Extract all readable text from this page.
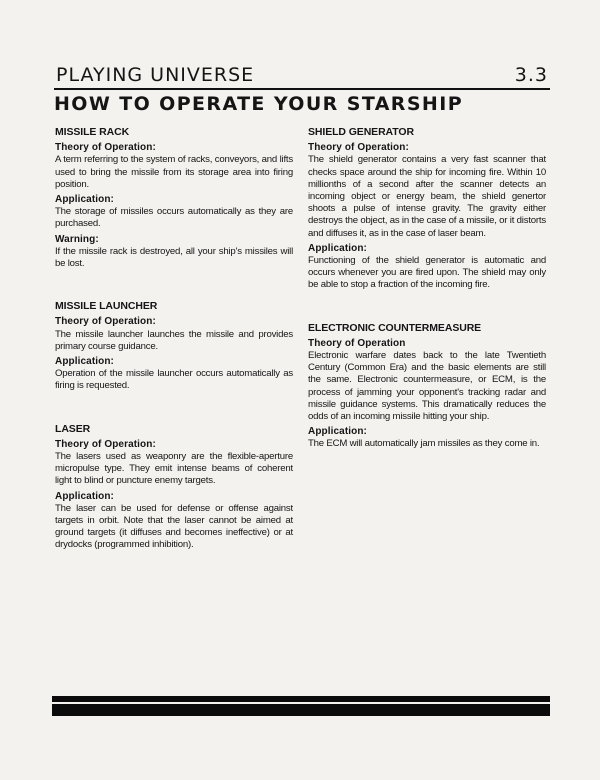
PLAYING UNIVERSE	3.3
HOW TO OPERATE YOUR STARSHIP
MISSILE RACK
Theory of Operation:

A term referring to the system of racks, conveyors, and lifts used to bring the missile from its storage area into firing position.

Application:

The storage of missiles occurs automatically as they are purchased.

Warning:

If the missile rack is destroyed, all your ship's missiles will be lost.

MISSILE LAUNCHER
Theory of Operation:

The missile launcher launches the missile and provides primary course guidance.

Application:

Operation of the missile launcher occurs automatically as firing is requested.

LASER
Theory of Operation:

The lasers used as weaponry are the flexible-aperture micropulse type. They emit intense beams of coherent light to blind or puncture enemy targets.

Application:

The laser can be used for defense or offense against targets in orbit. Note that the laser cannot be aimed at ground targets (it diffuses and becomes ineffective) or at drydocks (programmed inhibition).

SHIELD GENERATOR
Theory of Operation:

The shield generator contains a very fast scanner that checks space around the ship for incoming fire. Within 10 millionths of a second after the scanner detects an incoming object or energy beam, the shield genertor shoots a pulse of intense gravity. The gravity either destroys the object, as in the case of a missile, or it distorts and diffuses it, as in the case of laser beam.

Application:

Functioning of the shield generator is automatic and occurs whenever you are fired upon. The shield may only be able to stop a fraction of the incoming fire.

ELECTRONIC COUNTERMEASURE
Theory of Operation

Electronic warfare dates back to the late Twentieth Century (Common Era) and the basic elements are still the same. Electronic countermeasure, or ECM, is the process of jamming your opponent's tracking radar and missile guidance systems. This dramatically reduces the odds of an incoming missile hitting your ship.

Application:

The ECM will automatically jam missiles as they come in.
